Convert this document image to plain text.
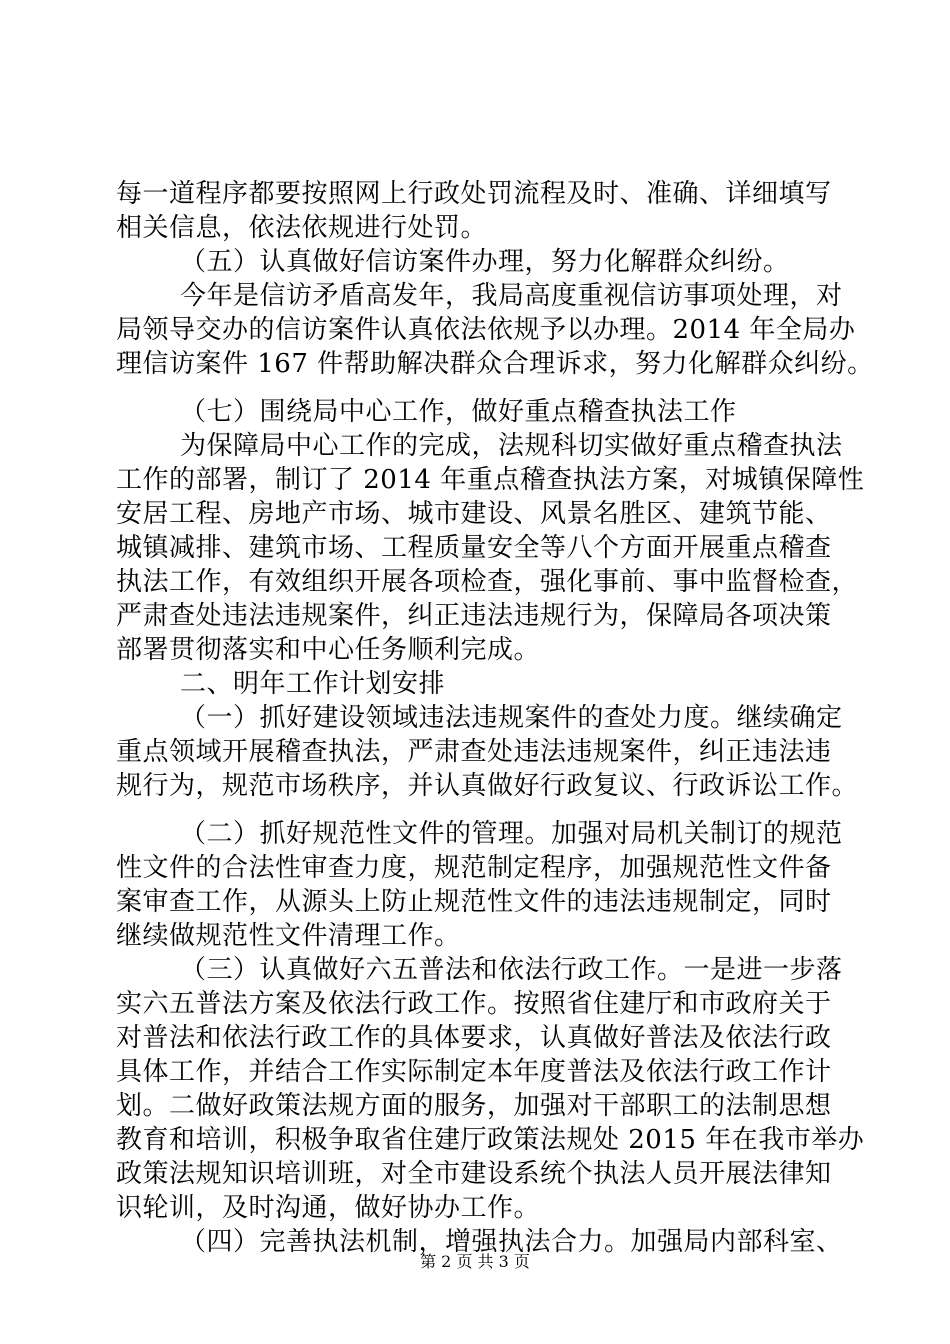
每一道程序都要按照网上行政处罚流程及时、准确、详细填写
相关信息，依法依规进行处罚。
（五）认真做好信访案件办理，努力化解群众纠纷。
今年是信访矛盾高发年，我局高度重视信访事项处理，对
局领导交办的信访案件认真依法依规予以办理。2014 年全局办
理信访案件 167 件帮助解决群众合理诉求，努力化解群众纠纷。
（七）围绕局中心工作，做好重点稽查执法工作
为保障局中心工作的完成，法规科切实做好重点稽查执法
工作的部署，制订了 2014 年重点稽查执法方案，对城镇保障性
安居工程、房地产市场、城市建设、风景名胜区、建筑节能、
城镇减排、建筑市场、工程质量安全等八个方面开展重点稽查
执法工作，有效组织开展各项检查，强化事前、事中监督检查，
严肃查处违法违规案件，纠正违法违规行为，保障局各项决策
部署贯彻落实和中心任务顺利完成。
二、明年工作计划安排
（一）抓好建设领域违法违规案件的查处力度。继续确定
重点领域开展稽查执法，严肃查处违法违规案件，纠正违法违
规行为，规范市场秩序，并认真做好行政复议、行政诉讼工作。
（二）抓好规范性文件的管理。加强对局机关制订的规范
性文件的合法性审查力度，规范制定程序，加强规范性文件备
案审查工作，从源头上防止规范性文件的违法违规制定，同时
继续做规范性文件清理工作。
（三）认真做好六五普法和依法行政工作。一是进一步落
实六五普法方案及依法行政工作。按照省住建厅和市政府关于
对普法和依法行政工作的具体要求，认真做好普法及依法行政
具体工作，并结合工作实际制定本年度普法及依法行政工作计
划。二做好政策法规方面的服务，加强对干部职工的法制思想
教育和培训，积极争取省住建厅政策法规处 2015 年在我市举办
政策法规知识培训班，对全市建设系统个执法人员开展法律知
识轮训，及时沟通，做好协办工作。
（四）完善执法机制，增强执法合力。加强局内部科室、
第 2 页 共 3 页
